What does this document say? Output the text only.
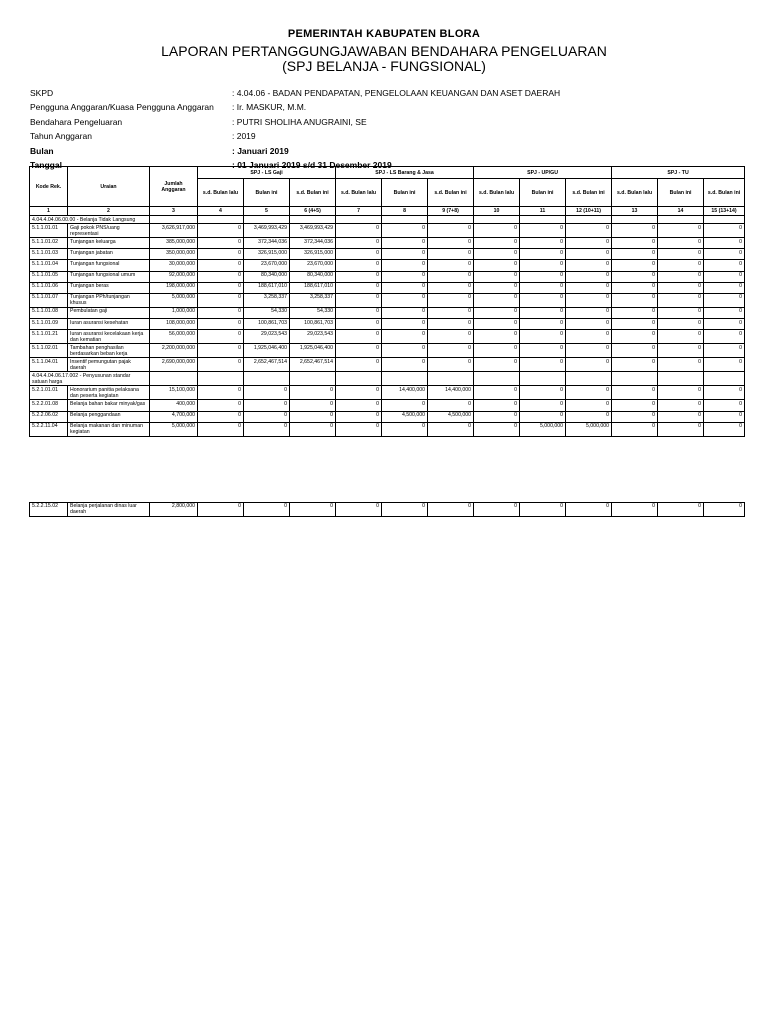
PEMERINTAH KABUPATEN BLORA
LAPORAN PERTANGGUNGJAWABAN BENDAHARA PENGELUARAN
(SPJ BELANJA - FUNGSIONAL)
SKPD	: 4.04.06 - BADAN PENDAPATAN, PENGELOLAAN KEUANGAN DAN ASET DAERAH
Pengguna Anggaran/Kuasa Pengguna Anggaran : Ir. MASKUR, M.M.
Bendahara Pengeluaran	: PUTRI SHOLIHA ANUGRAINI, SE
Tahun Anggaran	: 2019
Bulan	: Januari 2019
Tanggal	: 01 Januari 2019 s/d 31 Desember 2019
Kode Rek.	Uraian	Jumlah Anggaran	SPJ - LS Gaji			SPJ - LS Barang & Jasa			SPJ - UP/GU			SPJ - TU		
			s.d. Bulan lalu	Bulan ini	s.d. Bulan ini	s.d. Bulan lalu	Bulan ini	s.d. Bulan ini	s.d. Bulan lalu	Bulan ini	s.d. Bulan ini	s.d. Bulan lalu	Bulan ini	s.d. Bulan ini
1	2	3	4	5	6 (4+5)	7	8	9 (7+8)	10	11	12 (10+11)	13	14	15 (13+14)
4.04.4.04.06.00.00 - Belanja Tidak Langsung														
5.1.1.01.01	Gaji pokok PNS/uang representasi	3,626,917,000	0	3,469,993,429	3,469,993,429	0	0	0	0	0	0	0	0	0
5.1.1.01.02	Tunjangan keluarga	385,000,000	0	372,344,036	372,344,036	0	0	0	0	0	0	0	0	0
5.1.1.01.03	Tunjangan jabatan	350,000,000	0	326,915,000	326,915,000	0	0	0	0	0	0	0	0	0
5.1.1.01.04	Tunjangan fungsional	30,000,000	0	23,670,000	23,670,000	0	0	0	0	0	0	0	0	0
5.1.1.01.05	Tunjangan fungsional umum	92,000,000	0	80,340,000	80,340,000	0	0	0	0	0	0	0	0	0
5.1.1.01.06	Tunjangan beras	198,000,000	0	188,617,010	188,617,010	0	0	0	0	0	0	0	0	0
5.1.1.01.07	Tunjangan PPh/tunjangan khusus	5,000,000	0	3,258,337	3,258,337	0	0	0	0	0	0	0	0	0
5.1.1.01.08	Pembulatan gaji	1,000,000	0	54,330	54,330	0	0	0	0	0	0	0	0	0
5.1.1.01.09	Iuran asuransi kesehatan	108,000,000	0	100,861,703	100,861,703	0	0	0	0	0	0	0	0	0
5.1.1.01.21	Iuran asuransi kecelakaan kerja dan kematian	56,000,000	0	29,023,543	29,023,543	0	0	0	0	0	0	0	0	0
5.1.1.02.01	Tambahan penghasilan berdasarkan beban kerja	2,200,000,000	0	1,925,046,400	1,925,046,400	0	0	0	0	0	0	0	0	0
5.1.1.04.01	Insentif pemungutan pajak daerah	2,690,000,000	0	2,652,467,514	2,652,467,514	0	0	0	0	0	0	0	0	0
4.04.4.04.06.17.002 - Penyusunan standar satuan harga														
5.2.1.01.01	Honorarium panitia pelaksana dan peserta kegiatan	15,100,000	0	0	0	0	14,400,000	14,400,000	0	0	0	0	0	0
5.2.2.01.08	Belanja bahan bakar minyak/gas	400,000	0	0	0	0	0	0	0	0	0	0	0	0
5.2.2.06.02	Belanja penggandaan	4,700,000	0	0	0	0	4,500,000	4,500,000	0	0	0	0	0	0
5.2.2.11.04	Belanja makanan dan minuman kegiatan	5,000,000	0	0	0	0	0	0	0	5,000,000	5,000,000	0	0	0

5.2.2.15.02	Belanja perjalanan dinas luar daerah	2,800,000	0	0	0	0	0	0	0	0	0	0	0	0
